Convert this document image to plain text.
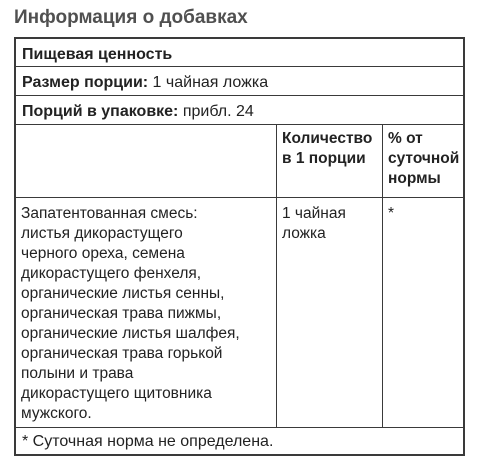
Информация о добавках
Пищевая ценность
Размер порции: 1 чайная ложка
Порций в упаковке: прибл. 24
Количество
в 1 порции
% от
суточной
нормы
Запатентованная смесь:
листья дикорастущего
черного ореха, семена
дикорастущего фенхеля,
органические листья сенны,
органическая трава пижмы,
органические листья шалфея,
органическая трава горькой
полыни и трава
дикорастущего щитовника
мужского.
1 чайная
ложка
*
* Суточная норма не определена.
